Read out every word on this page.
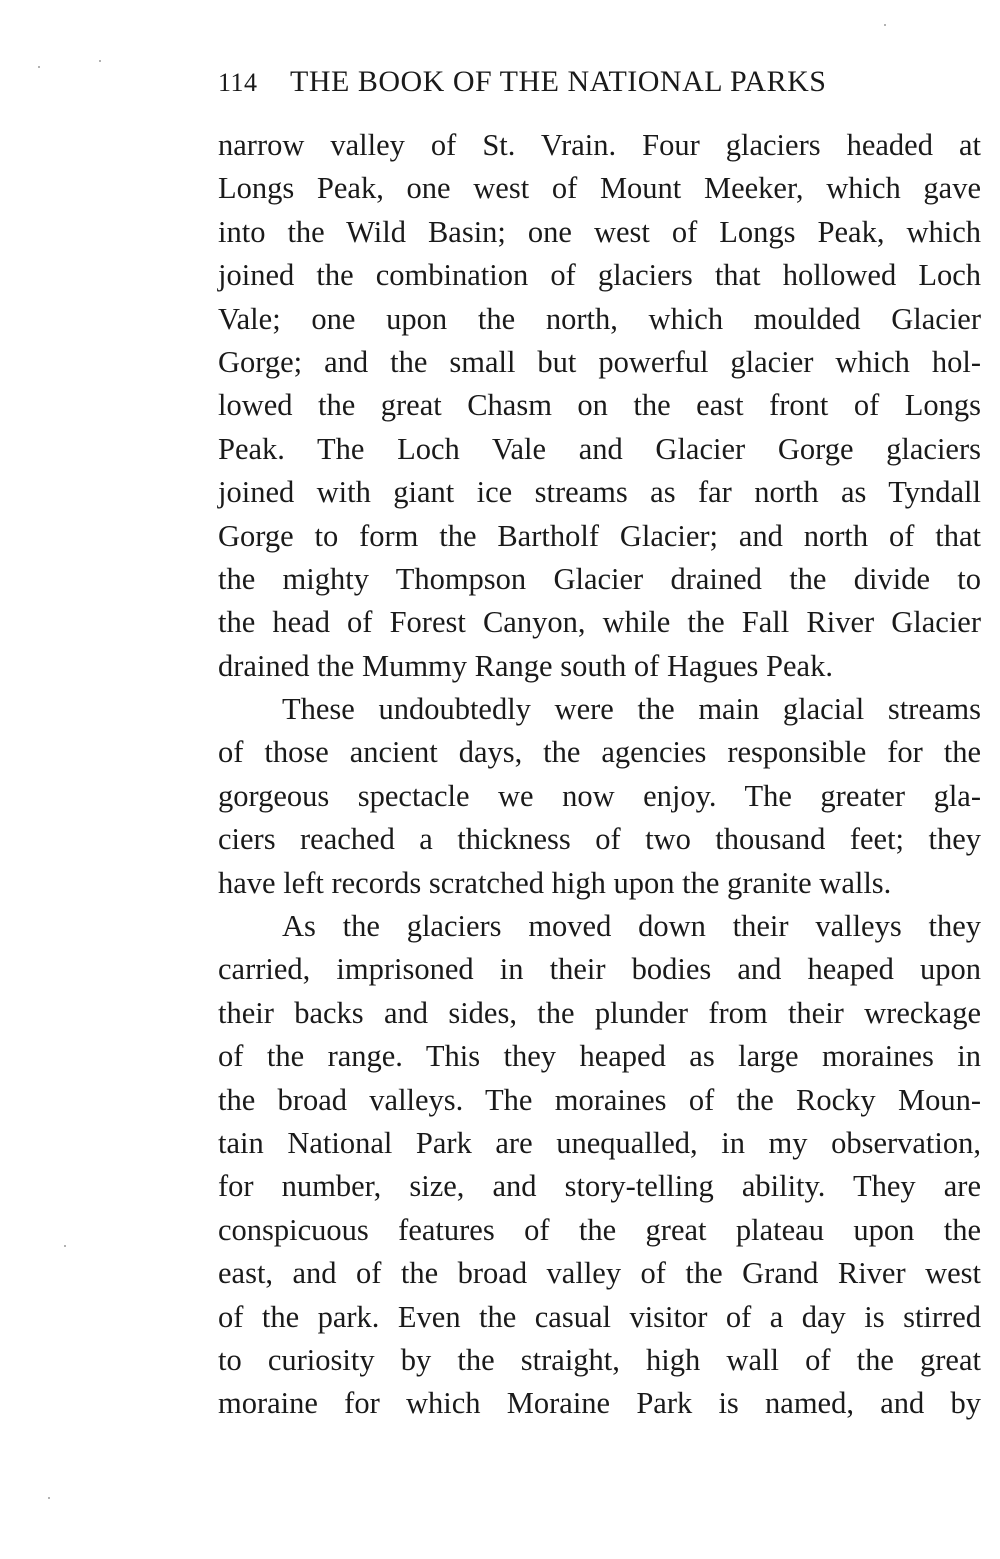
114 THE BOOK OF THE NATIONAL PARKS
narrow valley of St. Vrain. Four glaciers headed at
Longs Peak, one west of Mount Meeker, which gave
into the Wild Basin; one west of Longs Peak, which
joined the combination of glaciers that hollowed Loch
Vale; one upon the north, which moulded Glacier
Gorge; and the small but powerful glacier which hol-
lowed the great Chasm on the east front of Longs
Peak. The Loch Vale and Glacier Gorge glaciers
joined with giant ice streams as far north as Tyndall
Gorge to form the Bartholf Glacier; and north of that
the mighty Thompson Glacier drained the divide to
the head of Forest Canyon, while the Fall River Glacier
drained the Mummy Range south of Hagues Peak.
These undoubtedly were the main glacial streams
of those ancient days, the agencies responsible for the
gorgeous spectacle we now enjoy. The greater gla-
ciers reached a thickness of two thousand feet; they
have left records scratched high upon the granite walls.
As the glaciers moved down their valleys they
carried, imprisoned in their bodies and heaped upon
their backs and sides, the plunder from their wreckage
of the range. This they heaped as large moraines in
the broad valleys. The moraines of the Rocky Moun-
tain National Park are unequalled, in my observation,
for number, size, and story-telling ability. They are
conspicuous features of the great plateau upon the
east, and of the broad valley of the Grand River west
of the park. Even the casual visitor of a day is stirred
to curiosity by the straight, high wall of the great
moraine for which Moraine Park is named, and by
